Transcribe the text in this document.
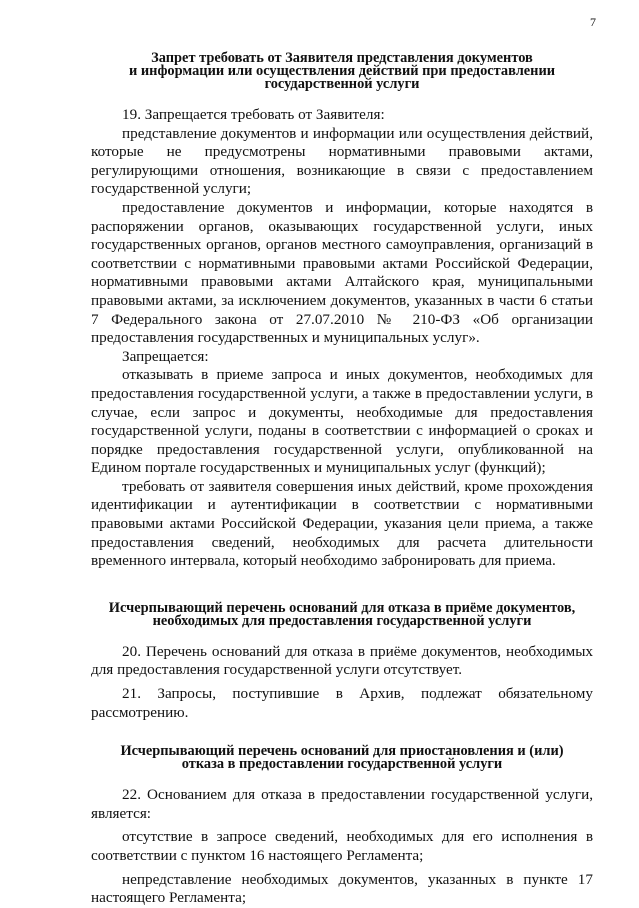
7
Запрет требовать от Заявителя представления документов
и информации или осуществления действий при предоставлении
государственной услуги

19. Запрещается требовать от Заявителя:

представление документов и информации или осуществления действий, которые не предусмотрены нормативными правовыми актами, регулирующими отношения, возникающие в связи с предоставлением государственной услуги;

предоставление документов и информации, которые находятся в распоряжении органов, оказывающих государственной услуги, иных государственных органов, органов местного самоуправления, организаций в соответствии с нормативными правовыми актами Российской Федерации, нормативными правовыми актами Алтайского края, муниципальными правовыми актами, за исключением документов, указанных в части 6 статьи 7 Федерального закона от 27.07.2010 № 210-ФЗ «Об организации предоставления государственных и муниципальных услуг».

Запрещается:

отказывать в приеме запроса и иных документов, необходимых для предоставления государственной услуги, а также в предоставлении услуги, в случае, если запрос и документы, необходимые для предоставления государственной услуги, поданы в соответствии с информацией о сроках и порядке предоставления государственной услуги, опубликованной на Едином портале государственных и муниципальных услуг (функций);

требовать от заявителя совершения иных действий, кроме прохождения идентификации и аутентификации в соответствии с нормативными правовыми актами Российской Федерации, указания цели приема, а также предоставления сведений, необходимых для расчета длительности временного интервала, который необходимо забронировать для приема.

Исчерпывающий перечень оснований для отказа в приёме документов,
необходимых для предоставления государственной услуги

20. Перечень оснований для отказа в приёме документов, необходимых для предоставления государственной услуги отсутствует.

21. Запросы, поступившие в Архив, подлежат обязательному рассмотрению.

Исчерпывающий перечень оснований для приостановления и (или)
отказа в предоставлении государственной услуги

22. Основанием для отказа в предоставлении государственной услуги, является:

отсутствие в запросе сведений, необходимых для его исполнения в соответствии с пунктом 16 настоящего Регламента;

непредставление необходимых документов, указанных в пункте 17 настоящего Регламента;
